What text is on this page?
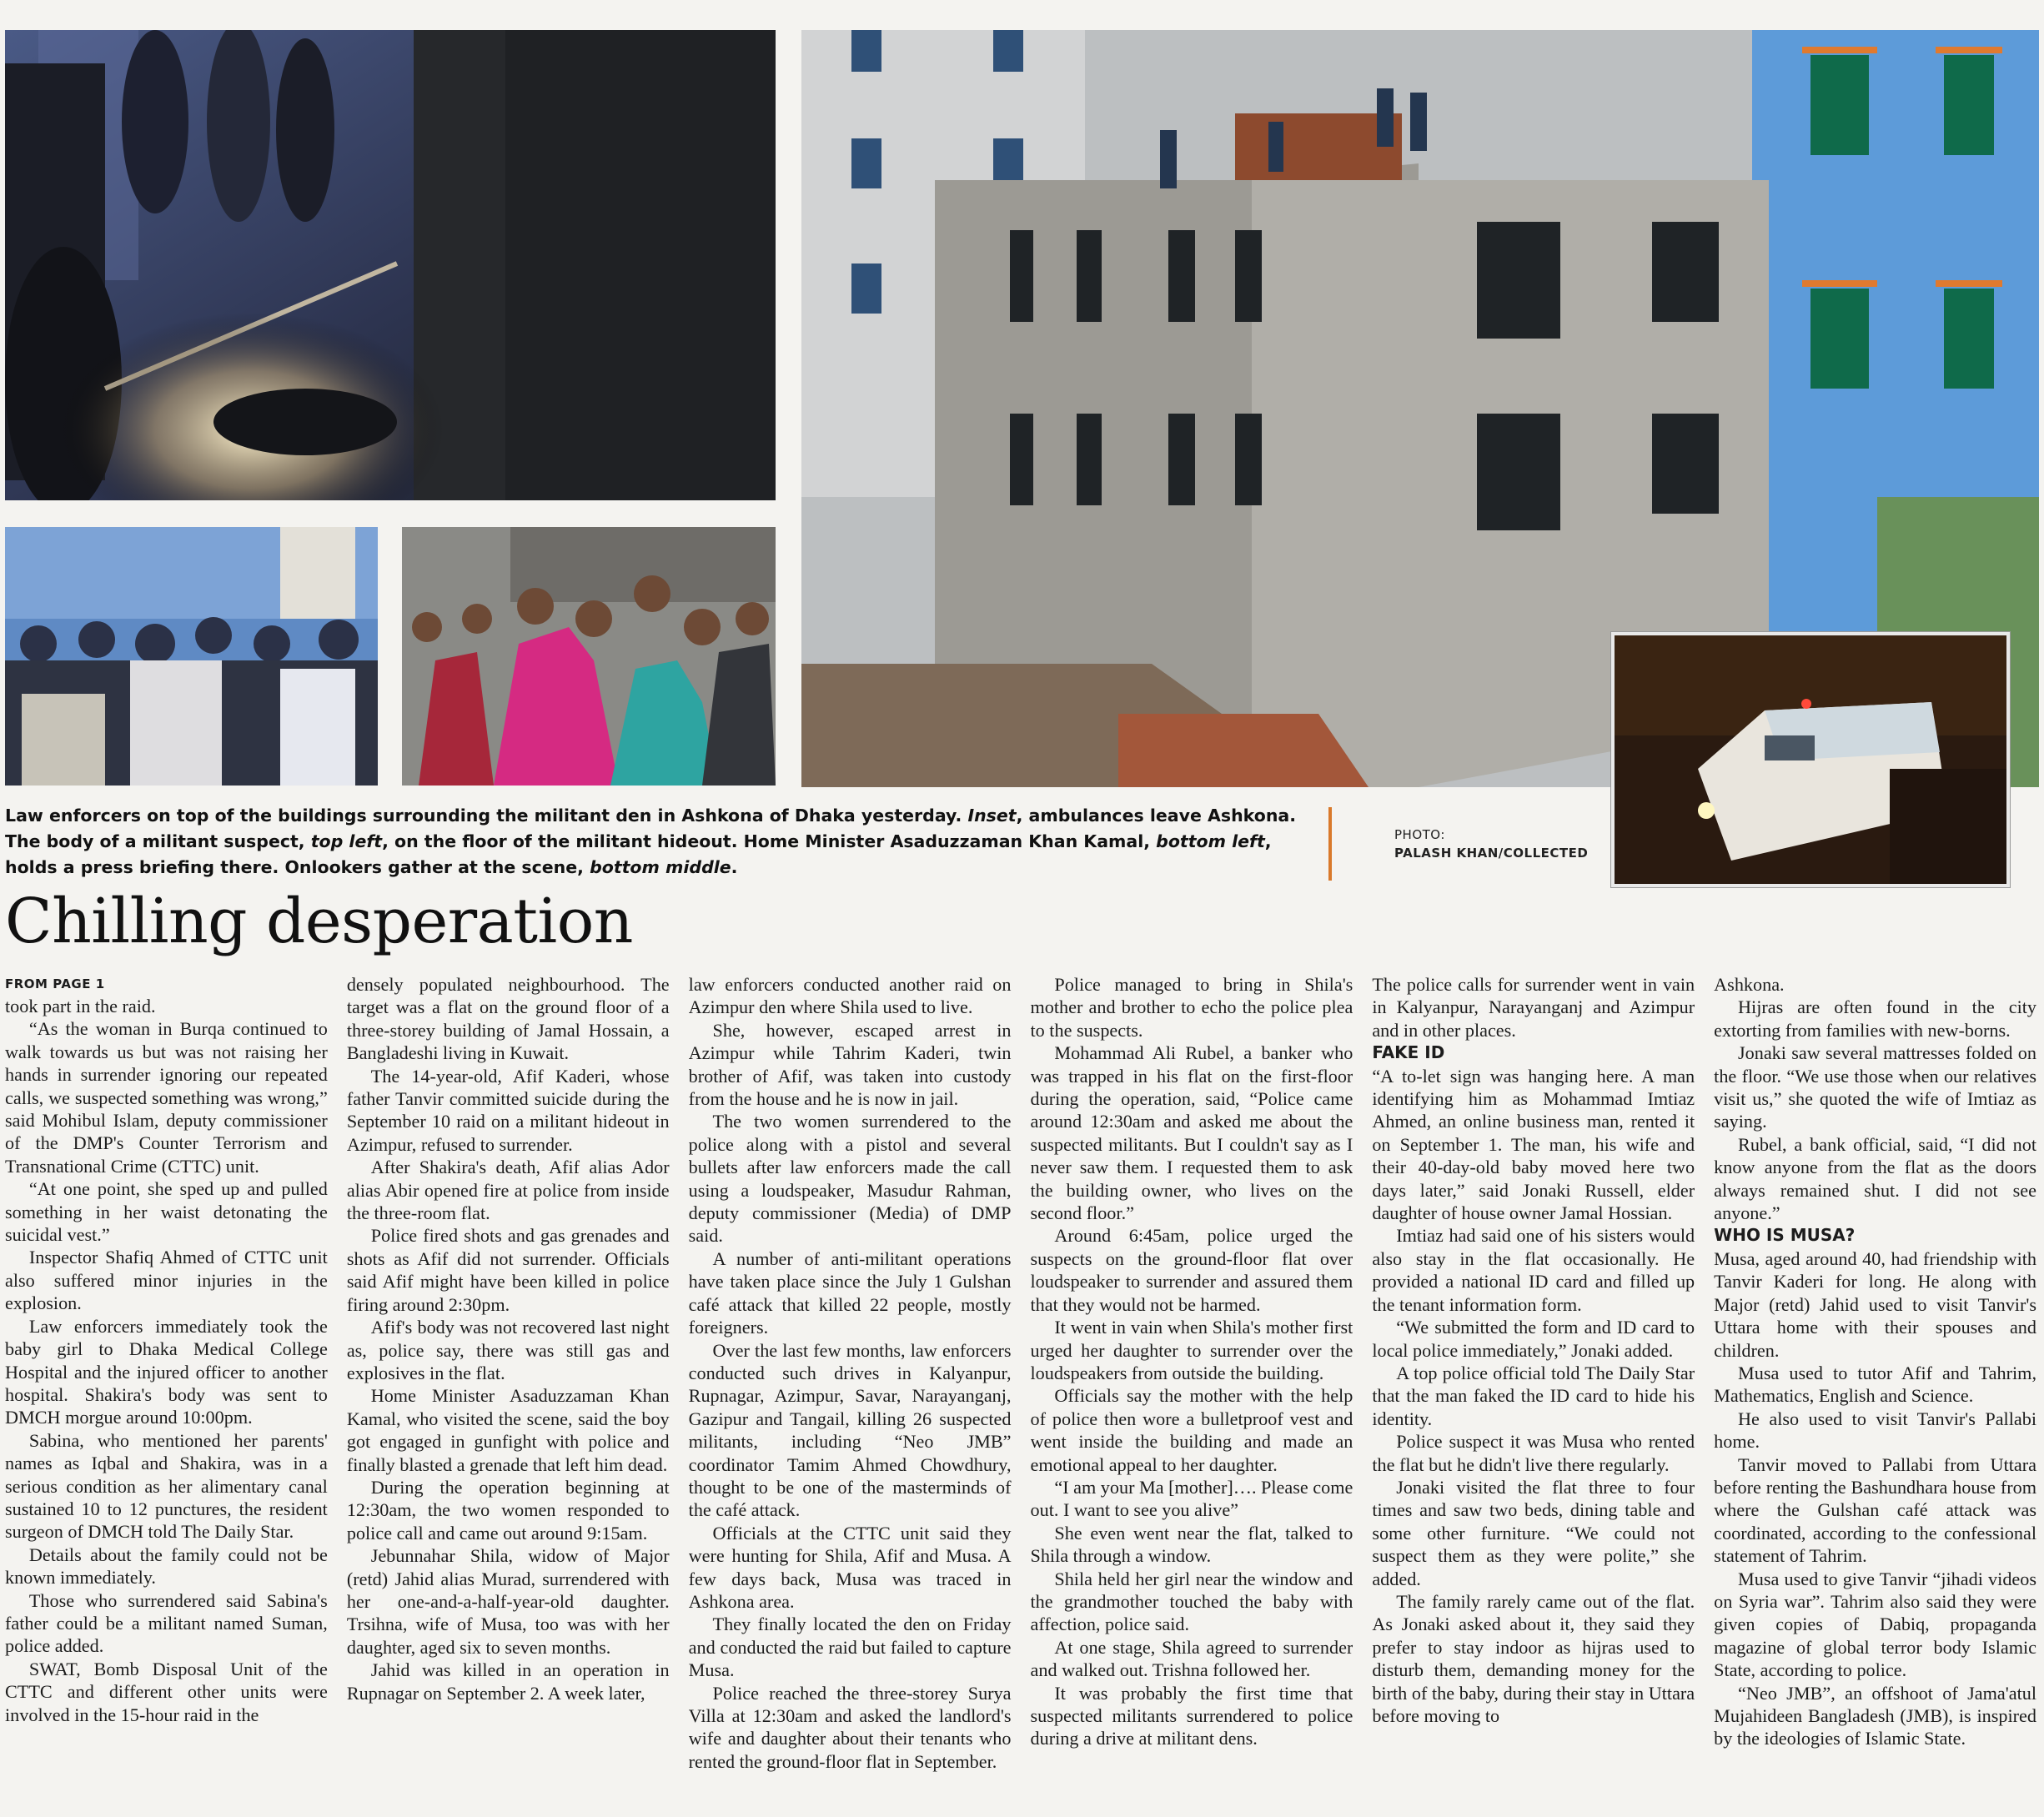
Law enforcers on top of the buildings surrounding the militant den in Ashkona of Dhaka yesterday. Inset, ambulances leave Ashkona. The body of a militant suspect, top left, on the floor of the militant hideout. Home Minister Asaduzzaman Khan Kamal, bottom left, holds a press briefing there. Onlookers gather at the scene, bottom middle.
PHOTO:
PALASH KHAN/COLLECTED
Chilling desperation
FROM PAGE 1

took part in the raid.

“As the woman in Burqa continued to walk towards us but was not raising her hands in surrender ignoring our repeated calls, we suspected something was wrong,” said Mohibul Islam, deputy commissioner of the DMP's Counter Terrorism and Transnational Crime (CTTC) unit.

“At one point, she sped up and pulled something in her waist detonating the suicidal vest.”

Inspector Shafiq Ahmed of CTTC unit also suffered minor injuries in the explosion.

Law enforcers immediately took the baby girl to Dhaka Medical College Hospital and the injured officer to another hospital. Shakira's body was sent to DMCH morgue around 10:00pm.

Sabina, who mentioned her parents' names as Iqbal and Shakira, was in a serious condition as her alimentary canal sustained 10 to 12 punctures, the resident surgeon of DMCH told The Daily Star.

Details about the family could not be known immediately.

Those who surrendered said Sabina's father could be a militant named Suman, police added.

SWAT, Bomb Disposal Unit of the CTTC and different other units were involved in the 15-hour raid in the

densely populated neighbourhood. The target was a flat on the ground floor of a three-storey building of Jamal Hossain, a Bangladeshi living in Kuwait.

The 14-year-old, Afif Kaderi, whose father Tanvir committed suicide during the September 10 raid on a militant hideout in Azimpur, refused to surrender.

After Shakira's death, Afif alias Ador alias Abir opened fire at police from inside the three-room flat.

Police fired shots and gas grenades and shots as Afif did not surrender. Officials said Afif might have been killed in police firing around 2:30pm.

Afif's body was not recovered last night as, police say, there was still gas and explosives in the flat.

Home Minister Asaduzzaman Khan Kamal, who visited the scene, said the boy got engaged in gunfight with police and finally blasted a grenade that left him dead.

During the operation beginning at 12:30am, the two women responded to police call and came out around 9:15am.

Jebunnahar Shila, widow of Major (retd) Jahid alias Murad, surrendered with her one-and-a-half-year-old daughter. Trsihna, wife of Musa, too was with her daughter, aged six to seven months.

Jahid was killed in an operation in Rupnagar on September 2. A week later,

law enforcers conducted another raid on Azimpur den where Shila used to live.

She, however, escaped arrest in Azimpur while Tahrim Kaderi, twin brother of Afif, was taken into custody from the house and he is now in jail.

The two women surrendered to the police along with a pistol and several bullets after law enforcers made the call using a loudspeaker, Masudur Rahman, deputy commissioner (Media) of DMP said.

A number of anti-militant operations have taken place since the July 1 Gulshan café attack that killed 22 people, mostly foreigners.

Over the last few months, law enforcers conducted such drives in Kalyanpur, Rupnagar, Azimpur, Savar, Narayanganj, Gazipur and Tangail, killing 26 suspected militants, including “Neo JMB” coordinator Tamim Ahmed Chowdhury, thought to be one of the masterminds of the café attack.

Officials at the CTTC unit said they were hunting for Shila, Afif and Musa. A few days back, Musa was traced in Ashkona area.

They finally located the den on Friday and conducted the raid but failed to capture Musa.

Police reached the three-storey Surya Villa at 12:30am and asked the landlord's wife and daughter about their tenants who rented the ground-floor flat in September.

Police managed to bring in Shila's mother and brother to echo the police plea to the suspects.

Mohammad Ali Rubel, a banker who was trapped in his flat on the first-floor during the operation, said, “Police came around 12:30am and asked me about the suspected militants. But I couldn't say as I never saw them. I requested them to ask the building owner, who lives on the second floor.”

Around 6:45am, police urged the suspects on the ground-floor flat over loudspeaker to surrender and assured them that they would not be harmed.

It went in vain when Shila's mother first urged her daughter to surrender over the loudspeakers from outside the building.

Officials say the mother with the help of police then wore a bulletproof vest and went inside the building and made an emotional appeal to her daughter.

“I am your Ma [mother]…. Please come out. I want to see you alive”

She even went near the flat, talked to Shila through a window.

Shila held her girl near the window and the grandmother touched the baby with affection, police said.

At one stage, Shila agreed to surrender and walked out. Trishna followed her.

It was probably the first time that suspected militants surrendered to police during a drive at militant dens.

The police calls for surrender went in vain in Kalyanpur, Narayanganj and Azimpur and in other places.

FAKE ID

“A to-let sign was hanging here. A man identifying him as Mohammad Imtiaz Ahmed, an online business man, rented it on September 1. The man, his wife and their 40-day-old baby moved here two days later,” said Jonaki Russell, elder daughter of house owner Jamal Hossian.

Imtiaz had said one of his sisters would also stay in the flat occasionally. He provided a national ID card and filled up the tenant information form.

“We submitted the form and ID card to local police immediately,” Jonaki added.

A top police official told The Daily Star that the man faked the ID card to hide his identity.

Police suspect it was Musa who rented the flat but he didn't live there regularly.

Jonaki visited the flat three to four times and saw two beds, dining table and some other furniture. “We could not suspect them as they were polite,” she added.

The family rarely came out of the flat. As Jonaki asked about it, they said they prefer to stay indoor as hijras used to disturb them, demanding money for the birth of the baby, during their stay in Uttara before moving to

Ashkona.

Hijras are often found in the city extorting from families with new-borns.

Jonaki saw several mattresses folded on the floor. “We use those when our relatives visit us,” she quoted the wife of Imtiaz as saying.

Rubel, a bank official, said, “I did not know anyone from the flat as the doors always remained shut. I did not see anyone.”

WHO IS MUSA?

Musa, aged around 40, had friendship with Tanvir Kaderi for long. He along with Major (retd) Jahid used to visit Tanvir's Uttara home with their spouses and children.

Musa used to tutor Afif and Tahrim, Mathematics, English and Science.

He also used to visit Tanvir's Pallabi home.

Tanvir moved to Pallabi from Uttara before renting the Bashundhara house from where the Gulshan café attack was coordinated, according to the confessional statement of Tahrim.

Musa used to give Tanvir “jihadi videos on Syria war”. Tahrim also said they were given copies of Dabiq, propaganda magazine of global terror body Islamic State, according to police.

“Neo JMB”, an offshoot of Jama'atul Mujahideen Bangladesh (JMB), is inspired by the ideologies of Islamic State.
